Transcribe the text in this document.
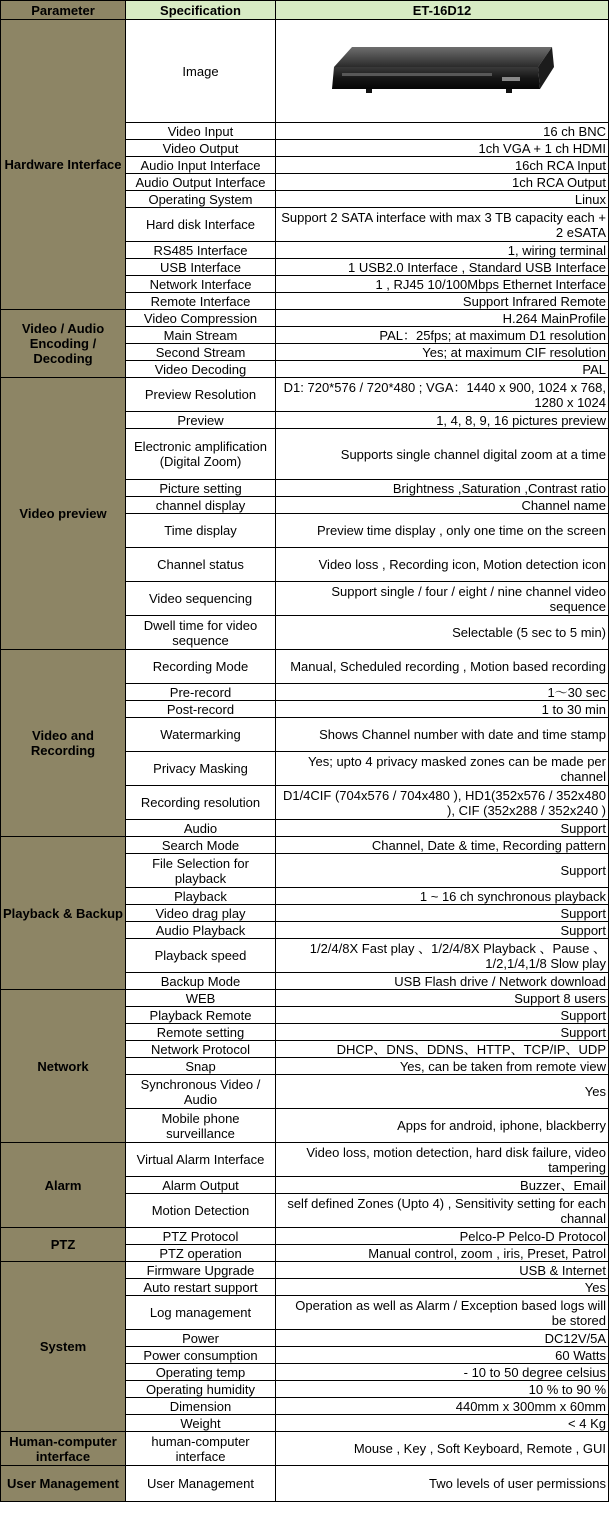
Parameter	Specification	ET-16D12
Hardware Interface	Image	

	Video Input	16 ch BNC
	Video Output	1ch VGA + 1 ch HDMI
	Audio Input Interface	16ch RCA Input
	Audio Output Interface	1ch RCA Output
	Operating System	Linux
	Hard disk Interface	Support 2 SATA interface with max 3 TB capacity each + 2 eSATA
	RS485 Interface	1, wiring terminal
	USB Interface	1 USB2.0 Interface , Standard USB Interface
	Network Interface	1 , RJ45 10/100Mbps Ethernet Interface
	Remote Interface	Support Infrared Remote
Video / Audio Encoding / Decoding	Video Compression	H.264 MainProfile
	Main Stream	PAL：25fps; at maximum D1 resolution
	Second Stream	Yes; at maximum CIF resolution
	Video Decoding	PAL
Video preview	Preview Resolution	D1: 720*576 / 720*480 ; VGA：1440 x 900, 1024 x 768, 1280 x 1024
	Preview	1, 4, 8, 9, 16 pictures preview
	Electronic amplification (Digital Zoom)	Supports single channel digital zoom at a time
	Picture setting	Brightness ,Saturation ,Contrast ratio
	channel display	Channel name
	Time display	Preview time display , only one time on the screen
	Channel status	Video loss , Recording icon, Motion detection icon
	Video sequencing	Support single / four / eight / nine channel video sequence
	Dwell time for video sequence	Selectable (5 sec to 5 min)
Video and Recording	Recording Mode	Manual, Scheduled recording , Motion based recording
	Pre-record	1～30 sec
	Post-record	1 to 30 min
	Watermarking	Shows Channel number with date and time stamp
	Privacy Masking	Yes; upto 4 privacy masked zones can be made per channel
	Recording resolution	D1/4CIF (704x576 / 704x480 ), HD1(352x576 / 352x480 ), CIF (352x288 / 352x240 )
	Audio	Support
Playback & Backup	Search Mode	Channel, Date & time, Recording pattern
	File Selection for playback	Support
	Playback	1 ~ 16 ch synchronous playback
	Video drag play	Support
	Audio Playback	Support
	Playback speed	1/2/4/8X Fast play 、1/2/4/8X Playback 、Pause 、1/2,1/4,1/8 Slow play
	Backup Mode	USB Flash drive / Network download
Network	WEB	Support 8 users
	Playback Remote	Support
	Remote setting	Support
	Network Protocol	DHCP、DNS、DDNS、HTTP、TCP/IP、UDP
	Snap	Yes, can be taken from remote view
	Synchronous Video / Audio	Yes
	Mobile phone surveillance	Apps for android, iphone, blackberry
Alarm	Virtual Alarm Interface	Video loss, motion detection, hard disk failure, video tampering
	Alarm Output	Buzzer、Email
	Motion Detection	self defined Zones (Upto 4) , Sensitivity setting for each channal
PTZ	PTZ Protocol	Pelco-P Pelco-D Protocol
	PTZ operation	Manual control, zoom , iris, Preset, Patrol
System	Firmware Upgrade	USB & Internet
	Auto restart support	Yes
	Log management	Operation as well as Alarm / Exception based logs will be stored
	Power	DC12V/5A
	Power consumption	60 Watts
	Operating temp	- 10 to 50 degree celsius
	Operating humidity	10 % to 90 %
	Dimension	440mm x 300mm x 60mm
	Weight	< 4 Kg
Human-computer interface	human-computer interface	Mouse , Key , Soft Keyboard, Remote , GUI
User Management	User Management	Two levels of user permissions
